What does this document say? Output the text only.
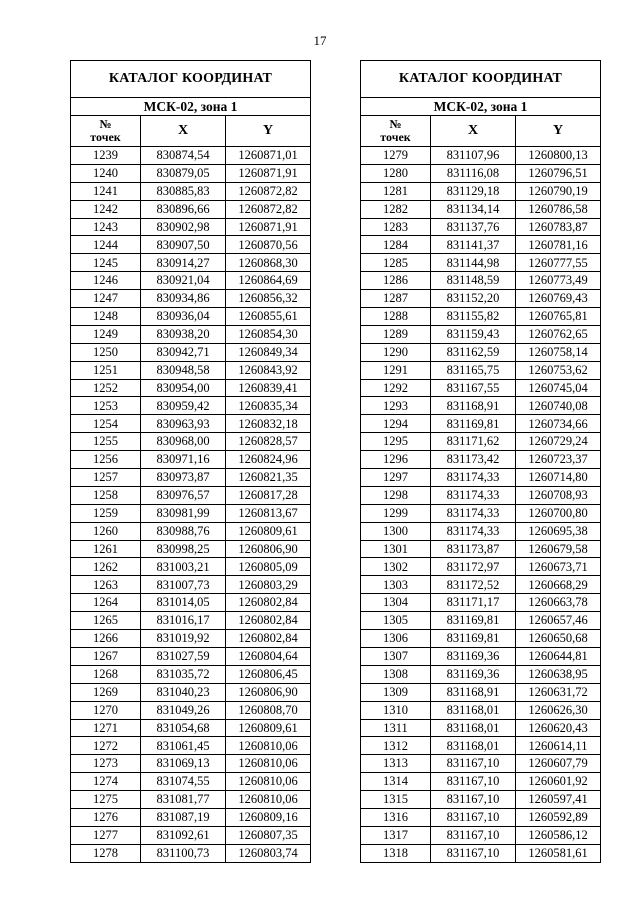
17
КАТАЛОГ КООРДИНАТ		
МСК-02, зона 1		
№
точек	X	Y
1239	830874,54	1260871,01
1240	830879,05	1260871,91
1241	830885,83	1260872,82
1242	830896,66	1260872,82
1243	830902,98	1260871,91
1244	830907,50	1260870,56
1245	830914,27	1260868,30
1246	830921,04	1260864,69
1247	830934,86	1260856,32
1248	830936,04	1260855,61
1249	830938,20	1260854,30
1250	830942,71	1260849,34
1251	830948,58	1260843,92
1252	830954,00	1260839,41
1253	830959,42	1260835,34
1254	830963,93	1260832,18
1255	830968,00	1260828,57
1256	830971,16	1260824,96
1257	830973,87	1260821,35
1258	830976,57	1260817,28
1259	830981,99	1260813,67
1260	830988,76	1260809,61
1261	830998,25	1260806,90
1262	831003,21	1260805,09
1263	831007,73	1260803,29
1264	831014,05	1260802,84
1265	831016,17	1260802,84
1266	831019,92	1260802,84
1267	831027,59	1260804,64
1268	831035,72	1260806,45
1269	831040,23	1260806,90
1270	831049,26	1260808,70
1271	831054,68	1260809,61
1272	831061,45	1260810,06
1273	831069,13	1260810,06
1274	831074,55	1260810,06
1275	831081,77	1260810,06
1276	831087,19	1260809,16
1277	831092,61	1260807,35
1278	831100,73	1260803,74
КАТАЛОГ КООРДИНАТ		
МСК-02, зона 1		
№
точек	X	Y
1279	831107,96	1260800,13
1280	831116,08	1260796,51
1281	831129,18	1260790,19
1282	831134,14	1260786,58
1283	831137,76	1260783,87
1284	831141,37	1260781,16
1285	831144,98	1260777,55
1286	831148,59	1260773,49
1287	831152,20	1260769,43
1288	831155,82	1260765,81
1289	831159,43	1260762,65
1290	831162,59	1260758,14
1291	831165,75	1260753,62
1292	831167,55	1260745,04
1293	831168,91	1260740,08
1294	831169,81	1260734,66
1295	831171,62	1260729,24
1296	831173,42	1260723,37
1297	831174,33	1260714,80
1298	831174,33	1260708,93
1299	831174,33	1260700,80
1300	831174,33	1260695,38
1301	831173,87	1260679,58
1302	831172,97	1260673,71
1303	831172,52	1260668,29
1304	831171,17	1260663,78
1305	831169,81	1260657,46
1306	831169,81	1260650,68
1307	831169,36	1260644,81
1308	831169,36	1260638,95
1309	831168,91	1260631,72
1310	831168,01	1260626,30
1311	831168,01	1260620,43
1312	831168,01	1260614,11
1313	831167,10	1260607,79
1314	831167,10	1260601,92
1315	831167,10	1260597,41
1316	831167,10	1260592,89
1317	831167,10	1260586,12
1318	831167,10	1260581,61
